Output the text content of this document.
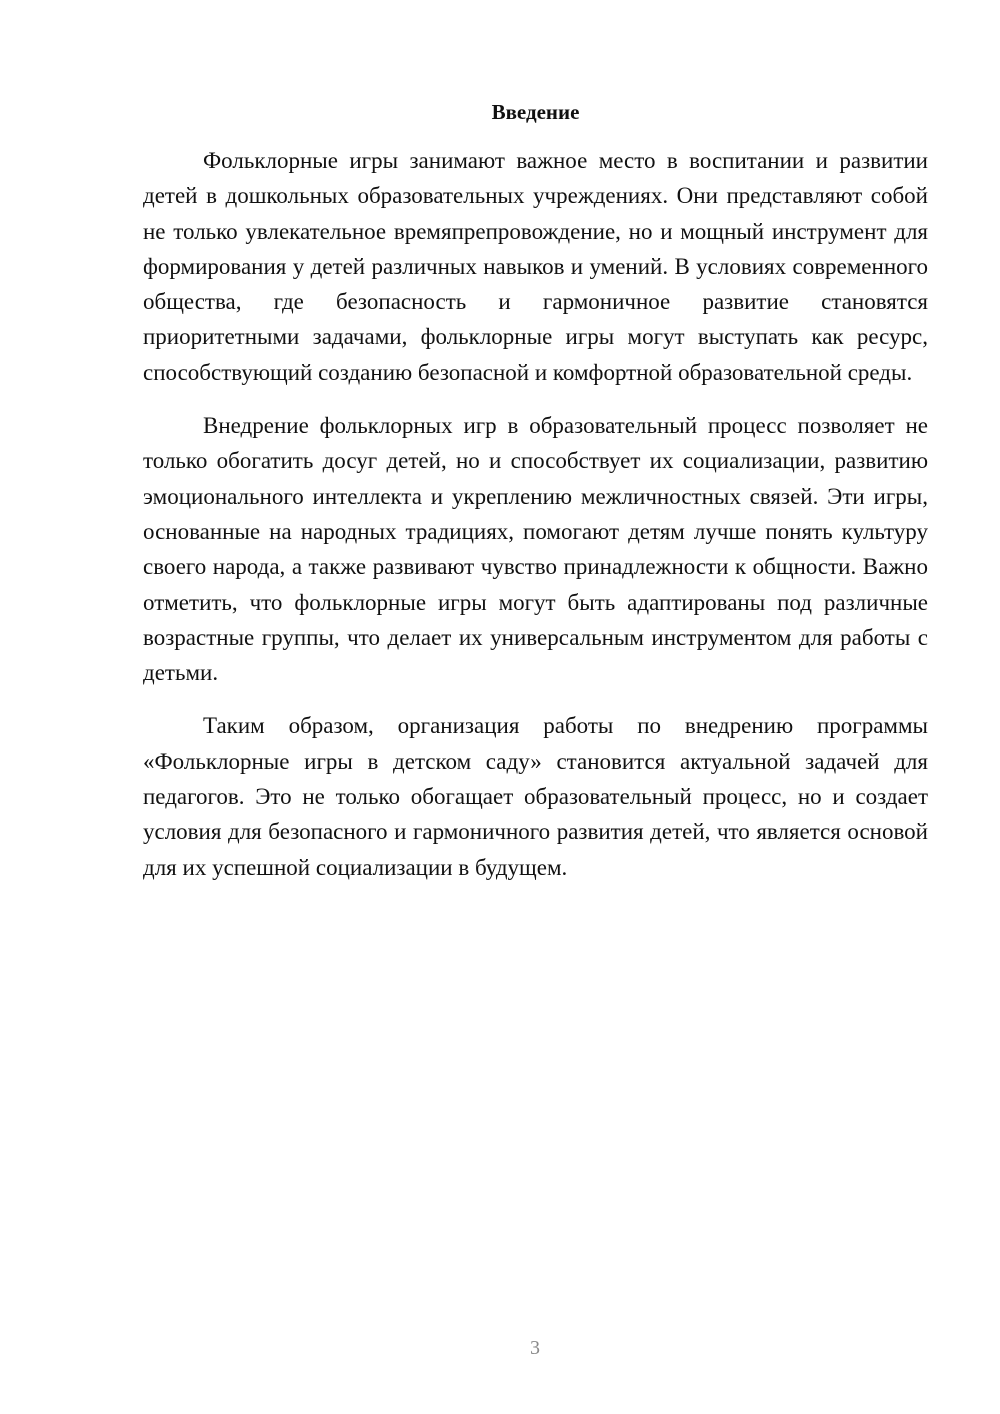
Введение

Фольклорные игры занимают важное место в воспитании и развитии детей в дошкольных образовательных учреждениях. Они представляют собой не только увлекательное времяпрепровождение, но и мощный инструмент для формирования у детей различных навыков и умений. В условиях современного общества, где безопасность и гармоничное развитие становятся приоритетными задачами, фольклорные игры могут выступать как ресурс, способствующий созданию безопасной и комфортной образовательной среды.

Внедрение фольклорных игр в образовательный процесс позволяет не только обогатить досуг детей, но и способствует их социализации, развитию эмоционального интеллекта и укреплению межличностных связей. Эти игры, основанные на народных традициях, помогают детям лучше понять культуру своего народа, а также развивают чувство принадлежности к общности. Важно отметить, что фольклорные игры могут быть адаптированы под различные возрастные группы, что делает их универсальным инструментом для работы с детьми.

Таким образом, организация работы по внедрению программы «Фольклорные игры в детском саду» становится актуальной задачей для педагогов. Это не только обогащает образовательный процесс, но и создает условия для безопасного и гармоничного развития детей, что является основой для их успешной социализации в будущем.

3
